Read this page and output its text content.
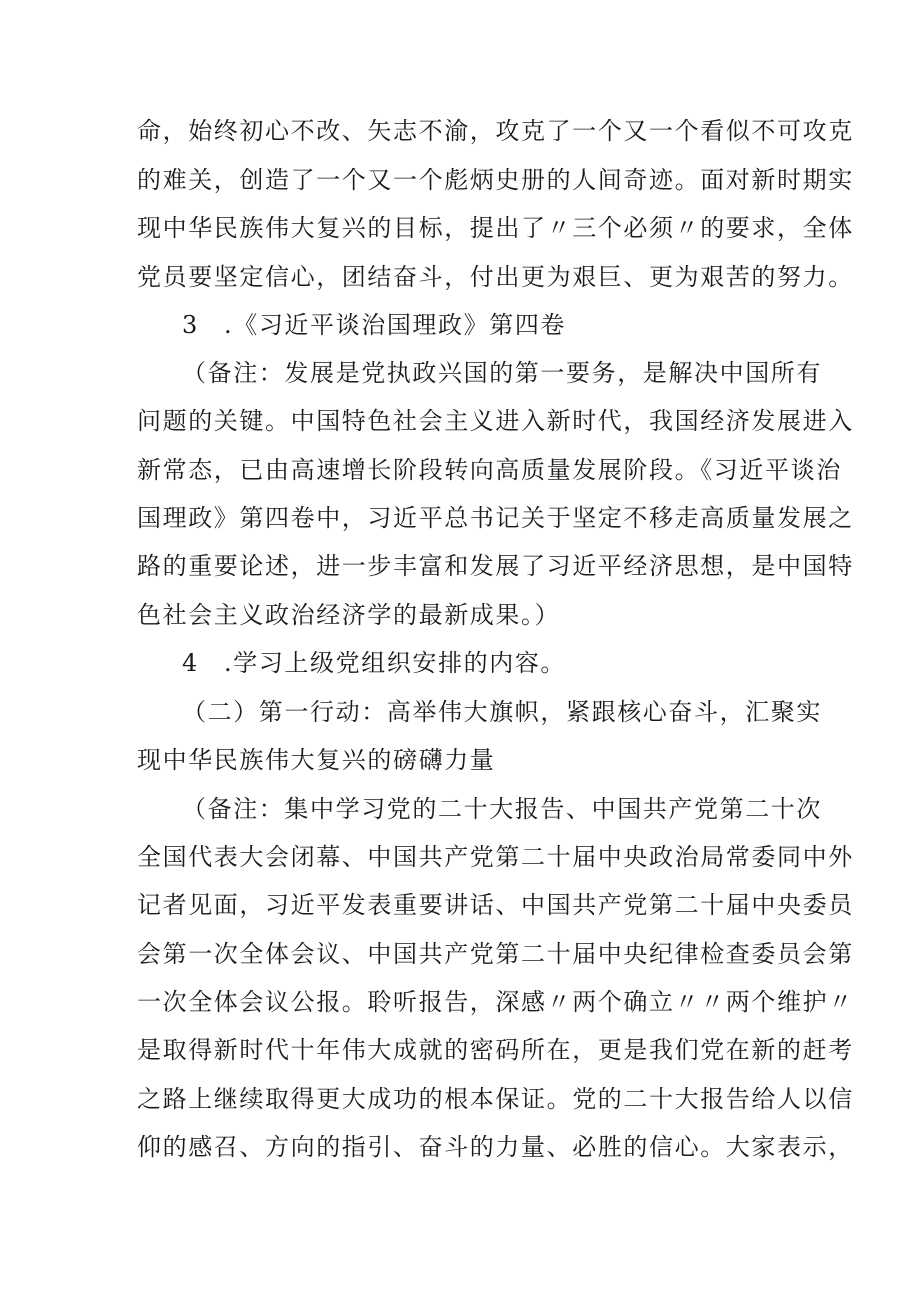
命，始终初心不改、矢志不渝，攻克了一个又一个看似不可攻克
的难关，创造了一个又一个彪炳史册的人间奇迹。面对新时期实
现中华民族伟大复兴的目标，提出了〃三个必须〃的要求，全体
党员要坚定信心，团结奋斗，付出更为艰巨、更为艰苦的努力。
3 .《习近平谈治国理政》第四卷
（备注：发展是党执政兴国的第一要务，是解决中国所有
问题的关键。中国特色社会主义进入新时代，我国经济发展进入
新常态，已由高速增长阶段转向高质量发展阶段。《习近平谈治
国理政》第四卷中，习近平总书记关于坚定不移走高质量发展之
路的重要论述，进一步丰富和发展了习近平经济思想，是中国特
色社会主义政治经济学的最新成果。）
4 .学习上级党组织安排的内容。
（二）第一行动：高举伟大旗帜，紧跟核心奋斗，汇聚实
现中华民族伟大复兴的磅礴力量
（备注：集中学习党的二十大报告、中国共产党第二十次
全国代表大会闭幕、中国共产党第二十届中央政治局常委同中外
记者见面，习近平发表重要讲话、中国共产党第二十届中央委员
会第一次全体会议、中国共产党第二十届中央纪律检查委员会第
一次全体会议公报。聆听报告，深感〃两个确立〃〃两个维护〃
是取得新时代十年伟大成就的密码所在，更是我们党在新的赶考
之路上继续取得更大成功的根本保证。党的二十大报告给人以信
仰的感召、方向的指引、奋斗的力量、必胜的信心。大家表示，
